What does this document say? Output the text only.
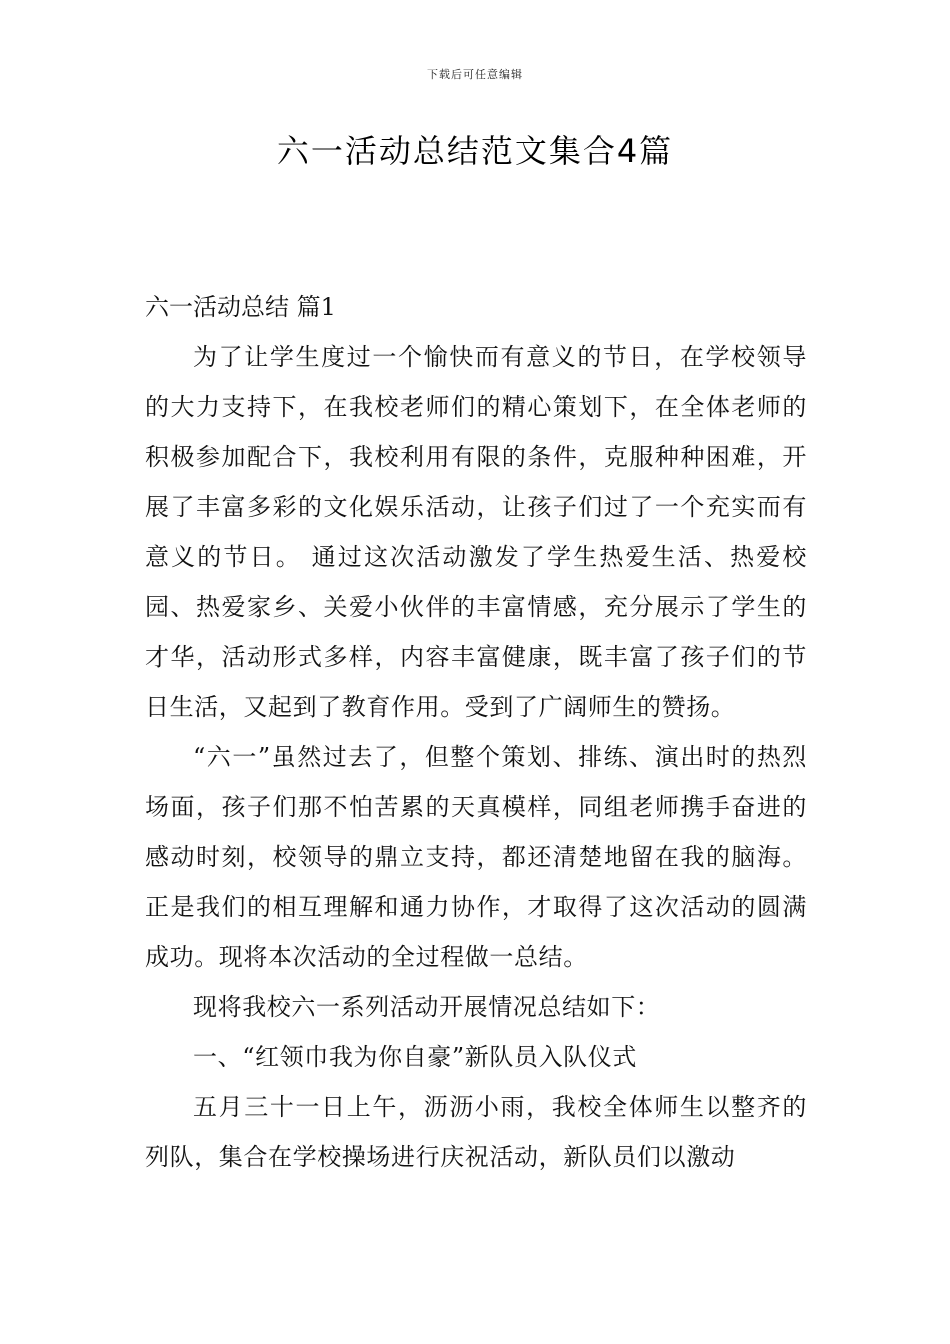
下载后可任意编辑
六一活动总结范文集合4篇

六一活动总结 篇1

为了让学生度过一个愉快而有意义的节日，在学校领导的大力支持下，在我校老师们的精心策划下，在全体老师的积极参加配合下，我校利用有限的条件，克服种种困难，开展了丰富多彩的文化娱乐活动，让孩子们过了一个充实而有意义的节日。 通过这次活动激发了学生热爱生活、热爱校园、热爱家乡、关爱小伙伴的丰富情感，充分展示了学生的才华，活动形式多样，内容丰富健康，既丰富了孩子们的节日生活，又起到了教育作用。受到了广阔师生的赞扬。

“六一”虽然过去了，但整个策划、排练、演出时的热烈场面，孩子们那不怕苦累的天真模样，同组老师携手奋进的感动时刻，校领导的鼎立支持，都还清楚地留在我的脑海。正是我们的相互理解和通力协作，才取得了这次活动的圆满成功。现将本次活动的全过程做一总结。

现将我校六一系列活动开展情况总结如下：

一、“红领巾我为你自豪”新队员入队仪式

五月三十一日上午，沥沥小雨，我校全体师生以整齐的列队，集合在学校操场进行庆祝活动，新队员们以激动
